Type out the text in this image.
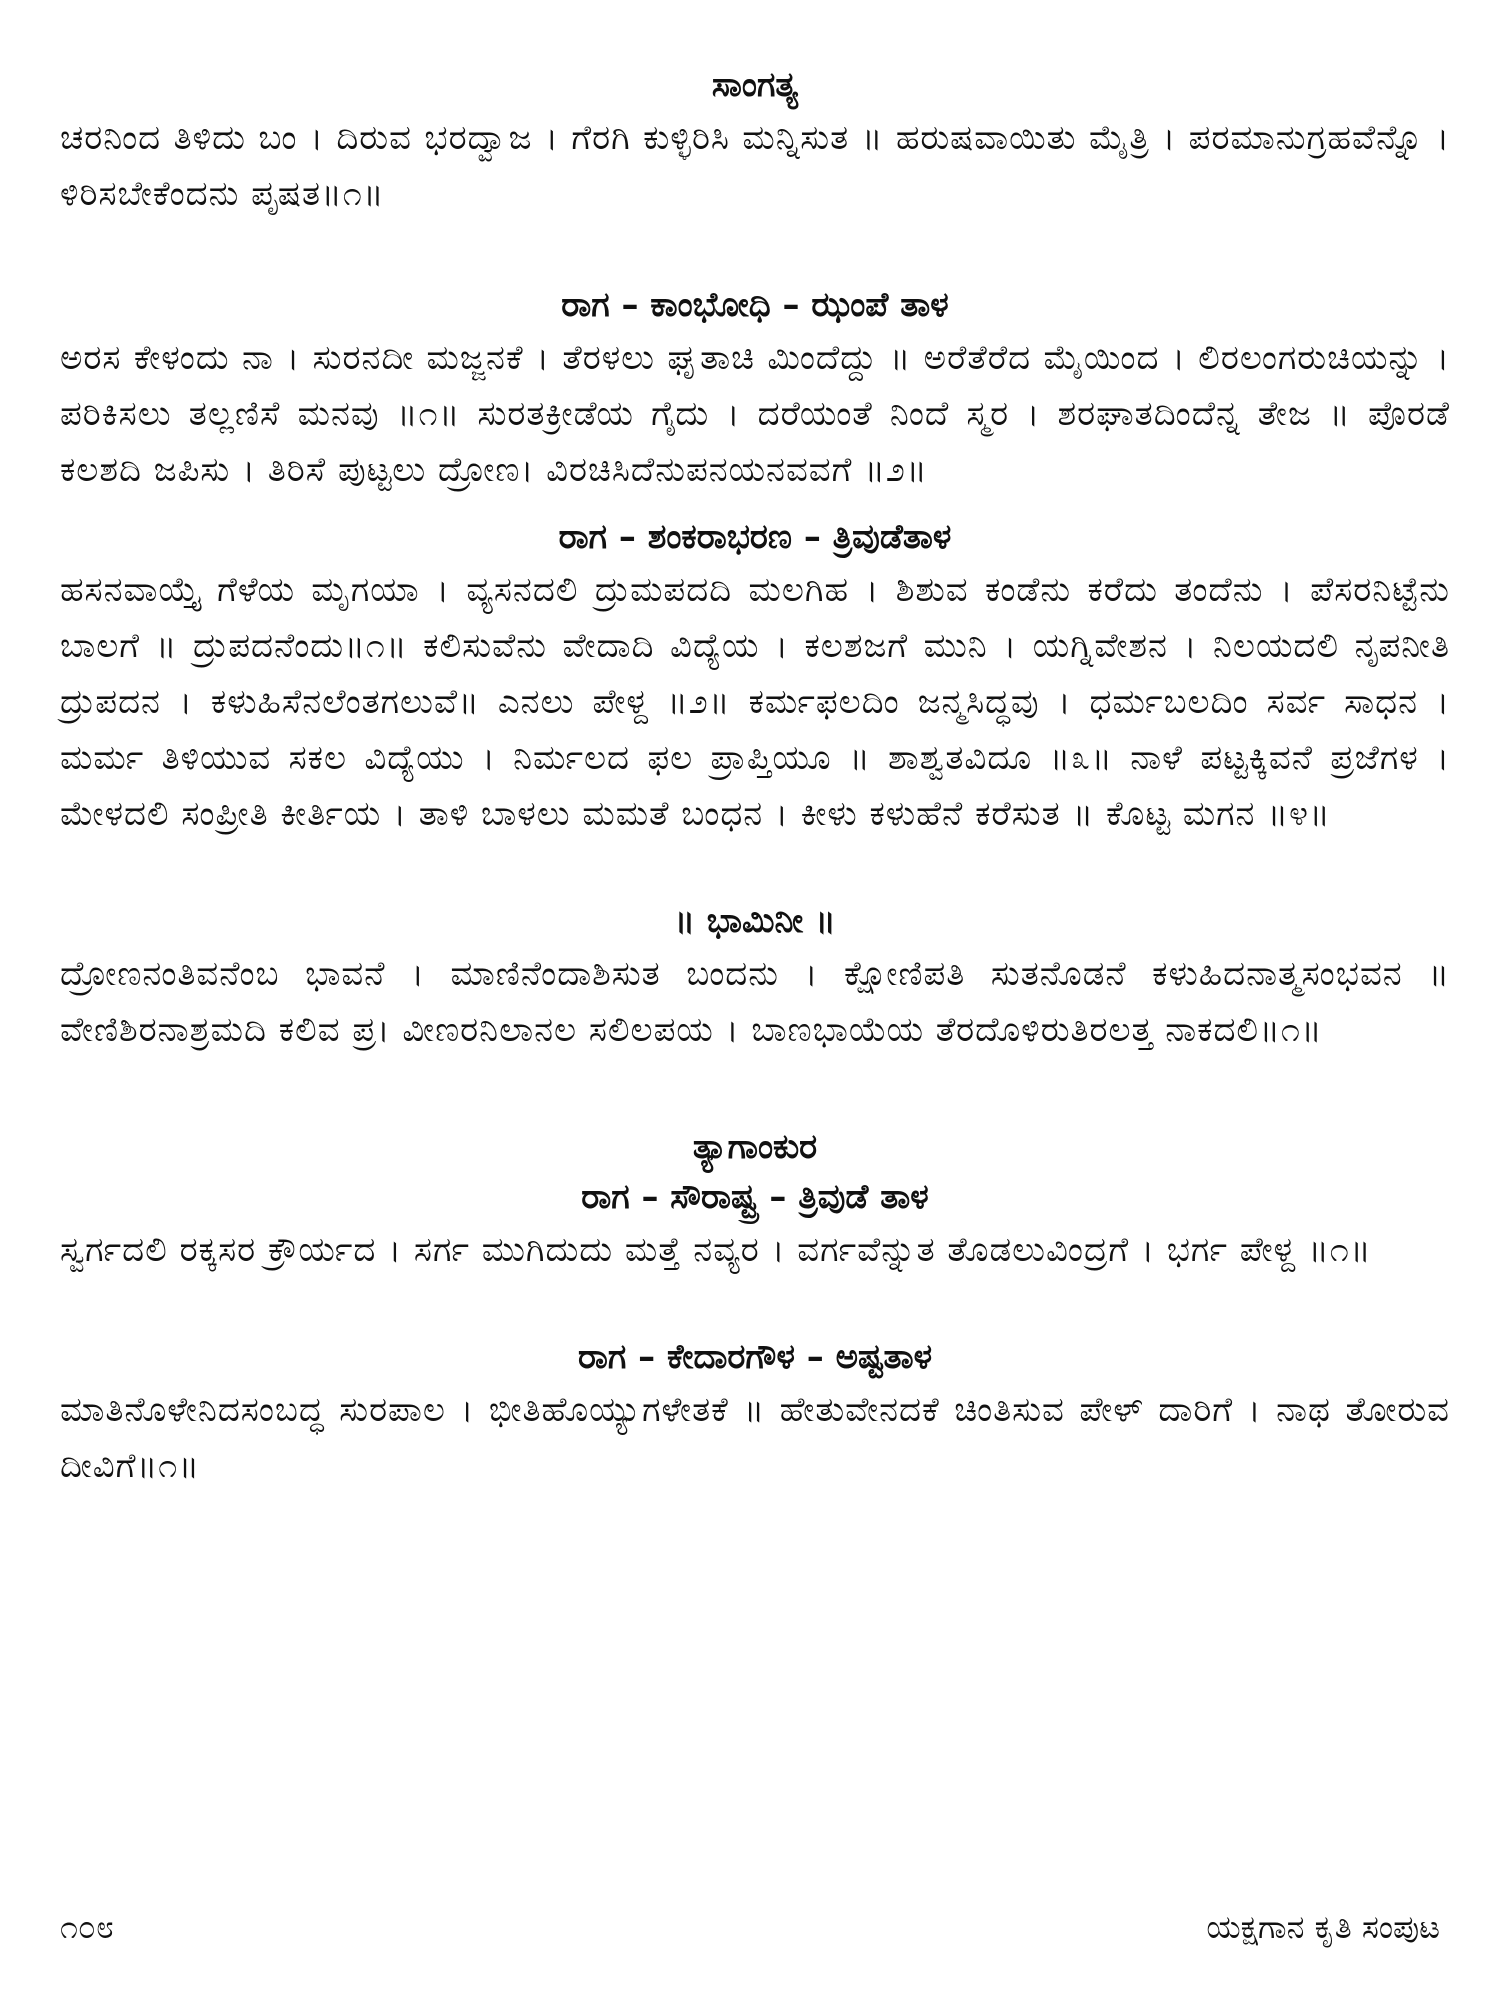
ಸಾಂಗತ್ಯ

ಚರನಿಂದ ತಿಳಿದು ಬಂ । ದಿರುವ ಭರದ್ವಾಜ । ಗೆರಗಿ ಕುಳ್ಳಿರಿಸಿ ಮನ್ನಿಸುತ ॥ ಹರುಷವಾಯಿತು ಮೈತ್ರಿ । ಪರಮಾನುಗ್ರಹವೆನ್ನೊ । ಳಿರಿಸಬೇಕೆಂದನು ಪೃಷತ॥೧॥

ರಾಗ – ಕಾಂಭೋಧಿ – ಝಂಪೆ ತಾಳ

ಅರಸ ಕೇಳಂದು ನಾ । ಸುರನದೀ ಮಜ್ಜನಕೆ । ತೆರಳಲು ಘೃತಾಚಿ ಮಿಂದೆದ್ದು ॥ ಅರೆತೆರೆದ ಮೈಯಿಂದ । ಲಿರಲಂಗರುಚಿಯನ್ನು । ಪರಿಕಿಸಲು ತಲ್ಲಣಿಸೆ ಮನವು ॥೧॥ ಸುರತಕ್ರೀಡೆಯ ಗೈದು । ದರೆಯಂತೆ ನಿಂದೆ ಸ್ಮರ । ಶರಘಾತದಿಂದೆನ್ನ ತೇಜ ॥ ಪೊರಡೆ ಕಲಶದಿ ಜಪಿಸು । ತಿರಿಸೆ ಪುಟ್ಟಲು ದ್ರೋಣ। ವಿರಚಿಸಿದೆನುಪನಯನವವಗೆ ॥೨॥

ರಾಗ – ಶಂಕರಾಭರಣ – ತ್ರಿವುಡೆತಾಳ

ಹಸನವಾಯ್ತೈ ಗೆಳೆಯ ಮೃಗಯಾ । ವ್ಯಸನದಲಿ ದ್ರುಮಪದದಿ ಮಲಗಿಹ । ಶಿಶುವ ಕಂಡೆನು ಕರೆದು ತಂದೆನು । ಪೆಸರನಿಟ್ಟೆನು ಬಾಲಗೆ ॥ ದ್ರುಪದನೆಂದು॥೧॥ ಕಲಿಸುವೆನು ವೇದಾದಿ ವಿದ್ಯೆಯ । ಕಲಶಜಗೆ ಮುನಿ । ಯಗ್ನಿವೇಶನ । ನಿಲಯದಲಿ ನೃಪನೀತಿ ದ್ರುಪದನ । ಕಳುಹಿಸೆನಲೆಂತಗಲುವೆ॥ ಎನಲು ಪೇಳ್ದ ॥೨॥ ಕರ್ಮಫಲದಿಂ ಜನ್ಮಸಿದ್ಧವು । ಧರ್ಮಬಲದಿಂ ಸರ್ವ ಸಾಧನ । ಮರ್ಮ ತಿಳಿಯುವ ಸಕಲ ವಿದ್ಯೆಯು । ನಿರ್ಮಲದ ಫಲ ಪ್ರಾಪ್ತಿಯೂ ॥ ಶಾಶ್ವತವಿದೂ ॥೩॥ ನಾಳೆ ಪಟ್ಟಕ್ಕಿವನೆ ಪ್ರಜೆಗಳ । ಮೇಳದಲಿ ಸಂಪ್ರೀತಿ ಕೀರ್ತಿಯ । ತಾಳಿ ಬಾಳಲು ಮಮತೆ ಬಂಧನ । ಕೀಳು ಕಳುಹೆನೆ ಕರೆಸುತ ॥ ಕೊಟ್ಟ ಮಗನ ॥೪॥

॥ ಭಾಮಿನೀ ॥

ದ್ರೋಣನಂತಿವನೆಂಬ ಭಾವನೆ । ಮಾಣಿನೆಂದಾಶಿಸುತ ಬಂದನು । ಕ್ಷೋಣಿಪತಿ ಸುತನೊಡನೆ ಕಳುಹಿದನಾತ್ಮಸಂಭವನ ॥ ವೇಣಿಶಿರನಾಶ್ರಮದಿ ಕಲಿವ ಪ್ರ। ವೀಣರನಿಲಾನಲ ಸಲಿಲಪಯ । ಬಾಣಭಾಯೆಯ ತೆರದೊಳಿರುತಿರಲತ್ತ ನಾಕದಲಿ॥೧॥

ತ್ಯಾಗಾಂಕುರ

ರಾಗ – ಸೌರಾಷ್ಟ್ರ – ತ್ರಿವುಡೆ ತಾಳ

ಸ್ವರ್ಗದಲಿ ರಕ್ಕಸರ ಕ್ರೌರ್ಯದ । ಸರ್ಗ ಮುಗಿದುದು ಮತ್ತೆ ನವ್ಯರ । ವರ್ಗವೆನ್ನುತ ತೊಡಲುವಿಂದ್ರಗೆ । ಭರ್ಗ ಪೇಳ್ದ ॥೧॥

ರಾಗ – ಕೇದಾರಗೌಳ – ಅಷ್ಟತಾಳ

ಮಾತಿನೊಳೇನಿದಸಂಬದ್ಧ ಸುರಪಾಲ । ಭೀತಿಹೊಯ್ಯುಗಳೇತಕೆ ॥ ಹೇತುವೇನದಕೆ ಚಿಂತಿಸುವ ಪೇಳ್ ದಾರಿಗೆ । ನಾಥ ತೋರುವ ದೀವಿಗೆ॥೧॥

೧೦೮	ಯಕ್ಷಗಾನ ಕೃತಿ ಸಂಪುಟ
